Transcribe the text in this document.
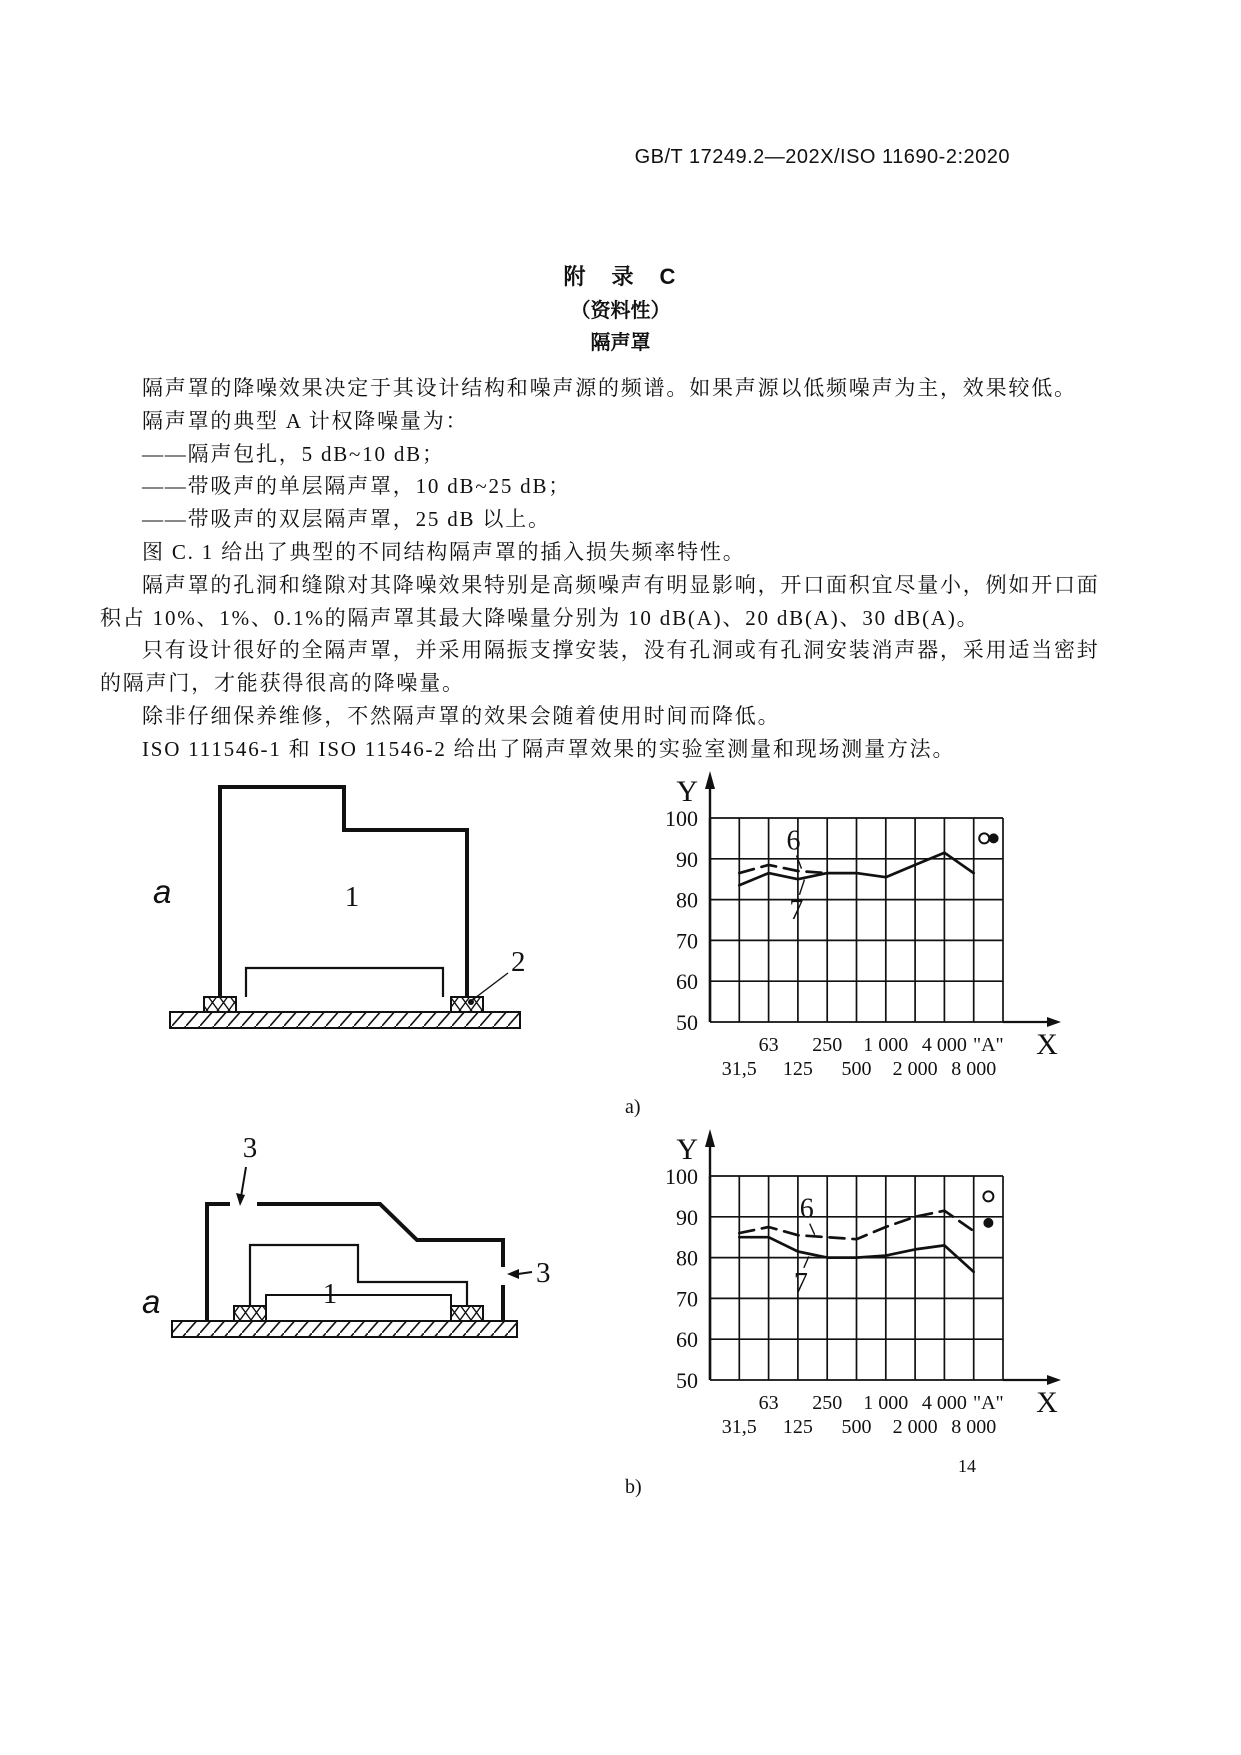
GB/T 17249.2—202X/ISO 11690-2:2020
附　录　C
（资料性）
隔声罩

隔声罩的降噪效果决定于其设计结构和噪声源的频谱。如果声源以低频噪声为主，效果较低。

隔声罩的典型 A 计权降噪量为：

——隔声包扎，5 dB~10 dB；

——带吸声的单层隔声罩，10 dB~25 dB；

——带吸声的双层隔声罩，25 dB 以上。

图 C. 1 给出了典型的不同结构隔声罩的插入损失频率特性。

隔声罩的孔洞和缝隙对其降噪效果特别是高频噪声有明显影响，开口面积宜尽量小，例如开口面积占 10%、1%、0.1%的隔声罩其最大降噪量分别为 10 dB(A)、20 dB(A)、30 dB(A)。

只有设计很好的全隔声罩，并采用隔振支撑安装，没有孔洞或有孔洞安装消声器，采用适当密封的隔声门，才能获得很高的降噪量。

除非仔细保养维修，不然隔声罩的效果会随着使用时间而降低。

ISO 111546-1 和 ISO 11546-2 给出了隔声罩效果的实验室测量和现场测量方法。

a	1
2
50
60
70
80
90
100
Y
X
31,5
63
125
250
500
1 000
2 000
4 000
8 000
"A"
6
7
a)
3
3
a	1
50
60
70
80
90
100
Y
X
31,5
63
125
250
500
1 000
2 000
4 000
8 000
"A"
6
7
b)
14
